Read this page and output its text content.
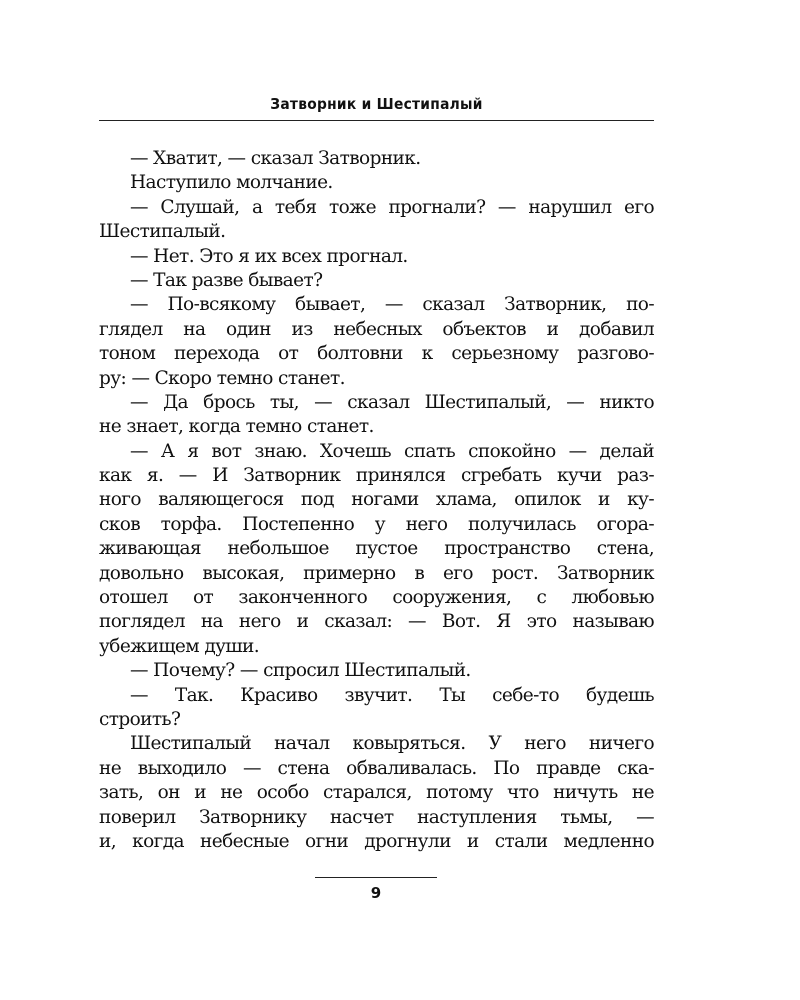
Затворник и Шестипалый
— Хватит, — сказал Затворник.
Наступило молчание.
— Слушай, а тебя тоже прогнали? — нарушил его
Шестипалый.
— Нет. Это я их всех прогнал.
— Так разве бывает?
— По-всякому бывает, — сказал Затворник, по-
глядел на один из небесных объектов и добавил
тоном перехода от болтовни к серьезному разгово-
ру: — Скоро темно станет.
— Да брось ты, — сказал Шестипалый, — никто
не знает, когда темно станет.
— А я вот знаю. Хочешь спать спокойно — делай
как я. — И Затворник принялся сгребать кучи раз-
ного валяющегося под ногами хлама, опилок и ку-
сков торфа. Постепенно у него получилась огора-
живающая небольшое пустое пространство стена,
довольно высокая, примерно в его рост. Затворник
отошел от законченного сооружения, с любовью
поглядел на него и сказал: — Вот. Я это называю
убежищем души.
— Почему? — спросил Шестипалый.
— Так. Красиво звучит. Ты себе-то будешь
строить?
Шестипалый начал ковыряться. У него ничего
не выходило — стена обваливалась. По правде ска-
зать, он и не особо старался, потому что ничуть не
поверил Затворнику насчет наступления тьмы, —
и, когда небесные огни дрогнули и стали медленно
9
